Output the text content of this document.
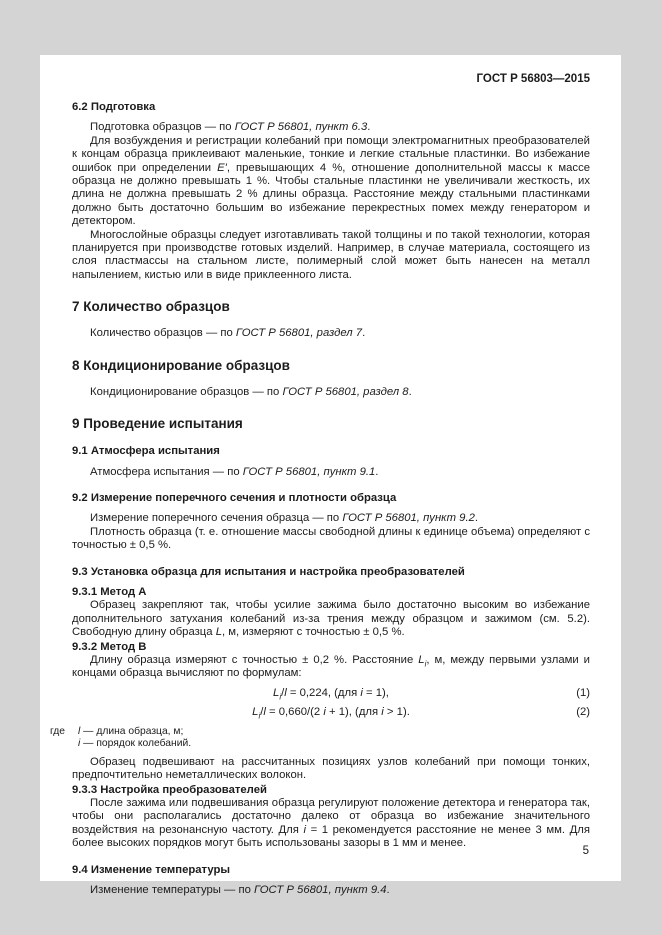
ГОСТ Р 56803—2015
6.2 Подготовка
Подготовка образцов — по ГОСТ Р 56801, пункт 6.3.
Для возбуждения и регистрации колебаний при помощи электромагнитных преобразователей к концам образца приклеивают маленькие, тонкие и легкие стальные пластинки. Во избежание ошибок при определении E', превышающих 4 %, отношение дополнительной массы к массе образца не должно превышать 1 %. Чтобы стальные пластинки не увеличивали жесткость, их длина не должна превышать 2 % длины образца. Расстояние между стальными пластинками должно быть достаточно большим во избежание перекрестных помех между генератором и детектором.
Многослойные образцы следует изготавливать такой толщины и по такой технологии, которая планируется при производстве готовых изделий. Например, в случае материала, состоящего из слоя пластмассы на стальном листе, полимерный слой может быть нанесен на металл напылением, кистью или в виде приклеенного листа.
7 Количество образцов
Количество образцов — по ГОСТ Р 56801, раздел 7.
8 Кондиционирование образцов
Кондиционирование образцов — по ГОСТ Р 56801, раздел 8.
9 Проведение испытания
9.1 Атмосфера испытания
Атмосфера испытания — по ГОСТ Р 56801, пункт 9.1.
9.2 Измерение поперечного сечения и плотности образца
Измерение поперечного сечения образца — по ГОСТ Р 56801, пункт 9.2.
Плотность образца (т. е. отношение массы свободной длины к единице объема) определяют с точностью ± 0,5 %.
9.3 Установка образца для испытания и настройка преобразователей
9.3.1 Метод А
Образец закрепляют так, чтобы усилие зажима было достаточно высоким во избежание дополнительного затухания колебаний из-за трения между образцом и зажимом (см. 5.2). Свободную длину образца L, м, измеряют с точностью ± 0,5 %.
9.3.2 Метод В
Длину образца измеряют с точностью ± 0,2 %. Расстояние $L_i$, м, между первыми узлами и концами образца вычисляют по формулам:
$L_i/l = 0,224$, (для i = 1),	(1)
$L_i/l = 0,660/(2$ i + 1), (для i > 1).	(2)
где	l — длина образца, м;
i — порядок колебаний.
Образец подвешивают на рассчитанных позициях узлов колебаний при помощи тонких, предпочтительно неметаллических волокон.
9.3.3 Настройка преобразователей
После зажима или подвешивания образца регулируют положение детектора и генератора так, чтобы они располагались достаточно далеко от образца во избежание значительного воздействия на резонансную частоту. Для i = 1 рекомендуется расстояние не менее 3 мм. Для более высоких порядков могут быть использованы зазоры в 1 мм и менее.
9.4 Изменение температуры
Изменение температуры — по ГОСТ Р 56801, пункт 9.4.
5
